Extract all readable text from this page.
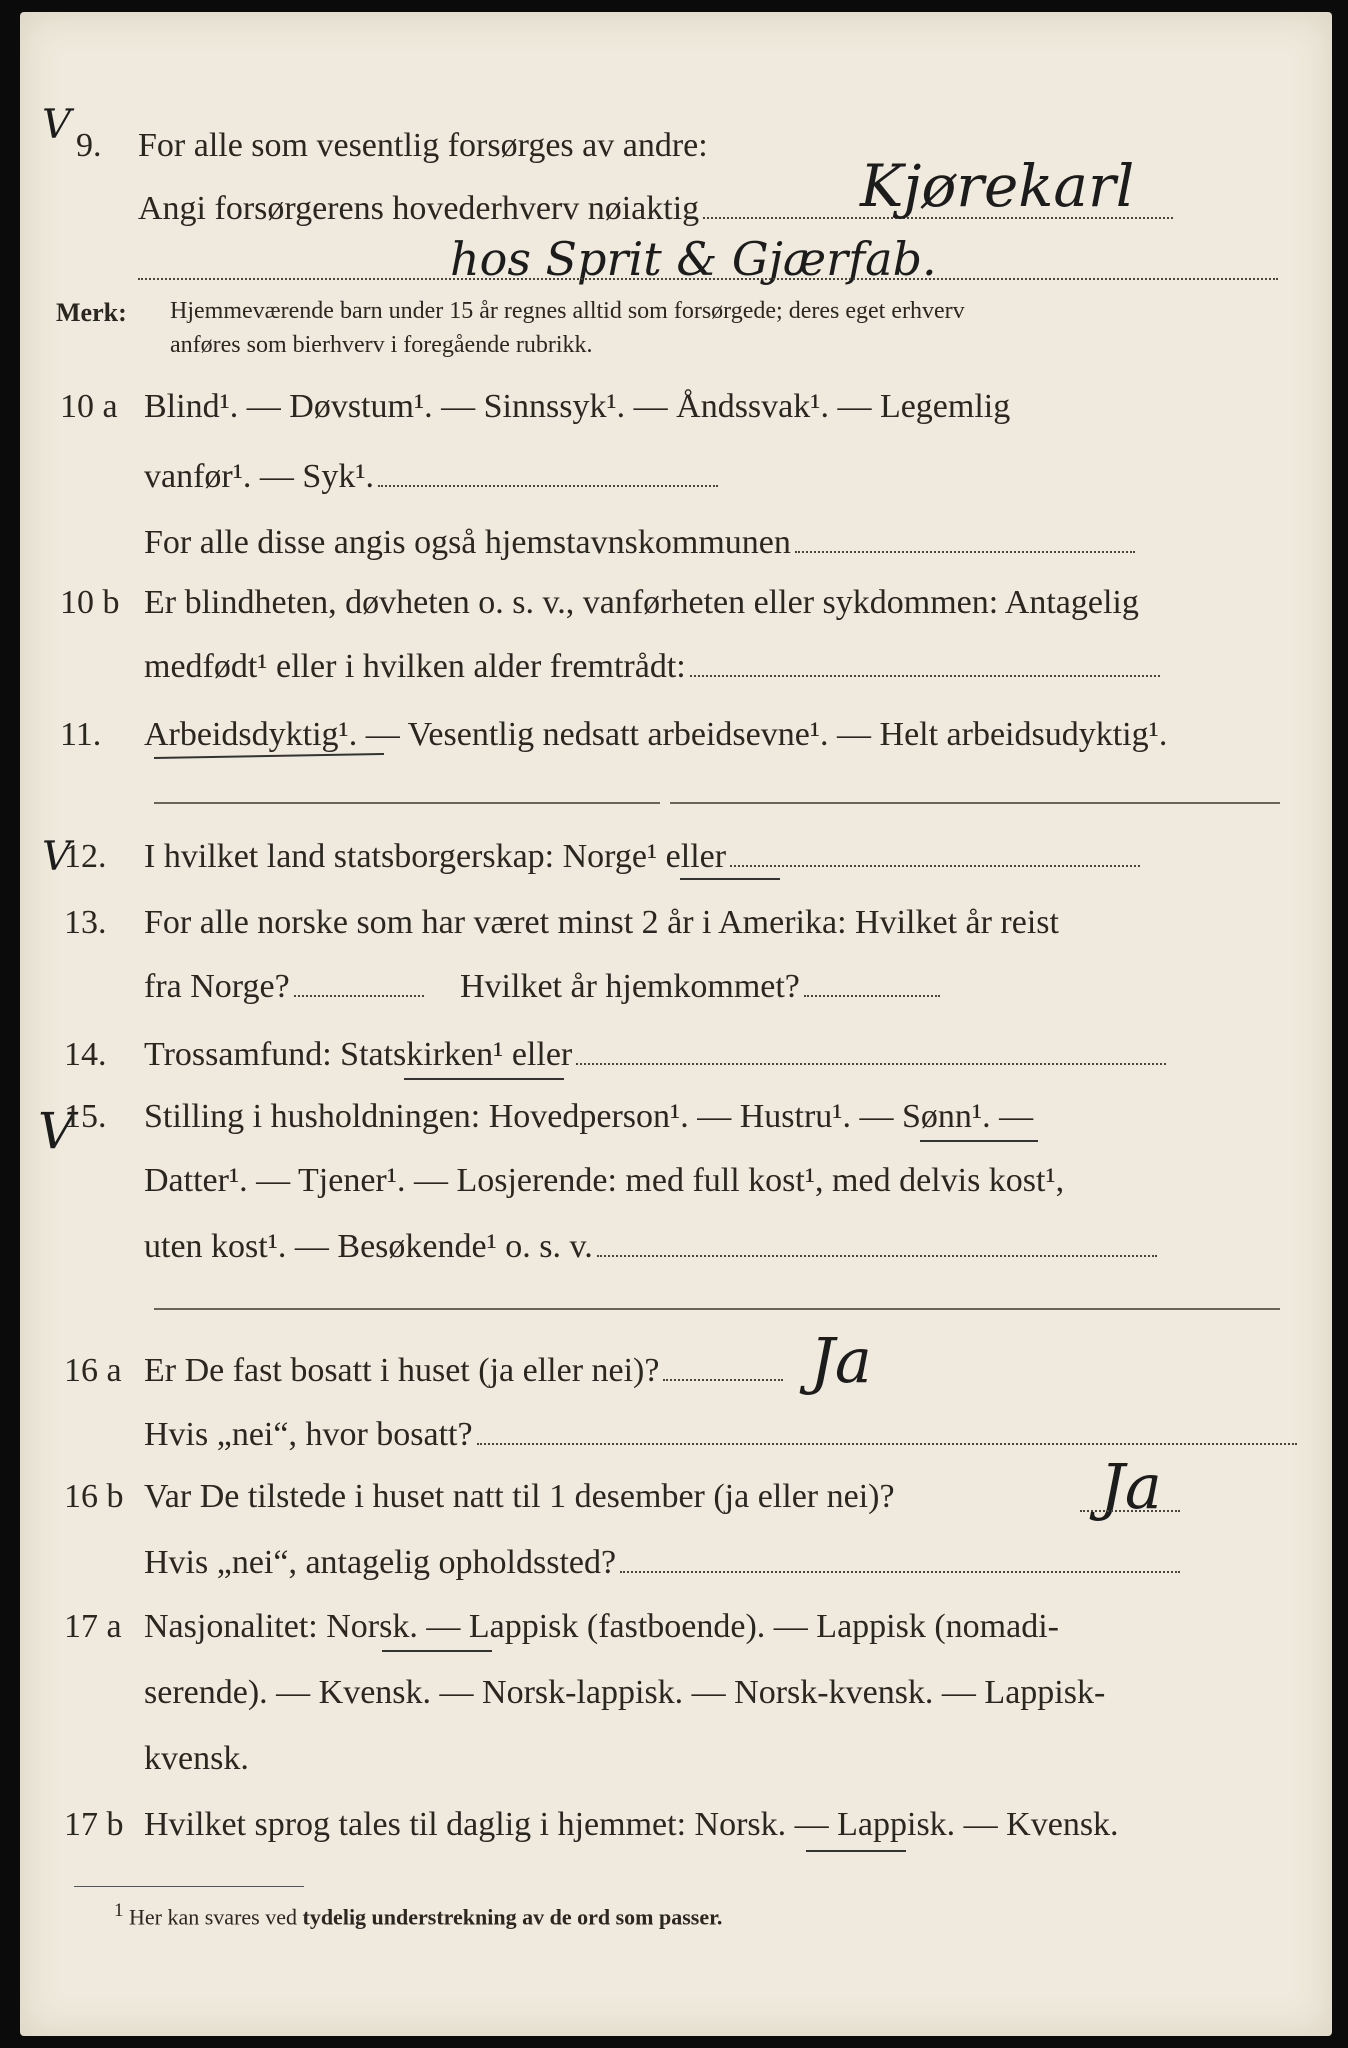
V 9. For alle som vesentlig forsørges av andre:
Angi forsørgerens hovederhverv nøiaktig	Kjørekarl
hos Sprit & Gjærfab.
Merk: Hjemmeværende barn under 15 år regnes alltid som forsørgede; deres eget erhverv
anføres som bierhverv i foregående rubrikk.
10 a Blind¹. — Døvstum¹. — Sinnssyk¹. — Åndssvak¹. — Legemlig
vanfør¹. — Syk¹.
For alle disse angis også hjemstavnskommunen
10 b Er blindheten, døvheten o. s. v., vanførheten eller sykdommen: Antagelig
medfødt¹ eller i hvilken alder fremtrådt:
11. Arbeidsdyktig¹. — Vesentlig nedsatt arbeidsevne¹. — Helt arbeidsudyktig¹.
V
12. I hvilket land statsborgerskap: Norge¹ eller
13. For alle norske som har været minst 2 år i Amerika: Hvilket år reist
fra Norge?	Hvilket år hjemkommet?
14. Trossamfund: Statskirken¹ eller
V
15. Stilling i husholdningen: Hovedperson¹. — Hustru¹. — Sønn¹. —
Datter¹. — Tjener¹. — Losjerende: med full kost¹, med delvis kost¹,
uten kost¹. — Besøkende¹ o. s. v.
16 a Er De fast bosatt i huset (ja eller nei)?	Ja
Hvis „nei“, hvor bosatt?
16 b Var De tilstede i huset natt til 1 desember (ja eller nei)?	Ja
Hvis „nei“, antagelig opholdssted?
17 a Nasjonalitet: Norsk. — Lappisk (fastboende). — Lappisk (nomadi-
serende). — Kvensk. — Norsk-lappisk. — Norsk-kvensk. — Lappisk-
kvensk.
17 b Hvilket sprog tales til daglig i hjemmet: Norsk. — Lappisk. — Kvensk.
$^1$ Her kan svares ved tydelig understrekning av de ord som passer.
